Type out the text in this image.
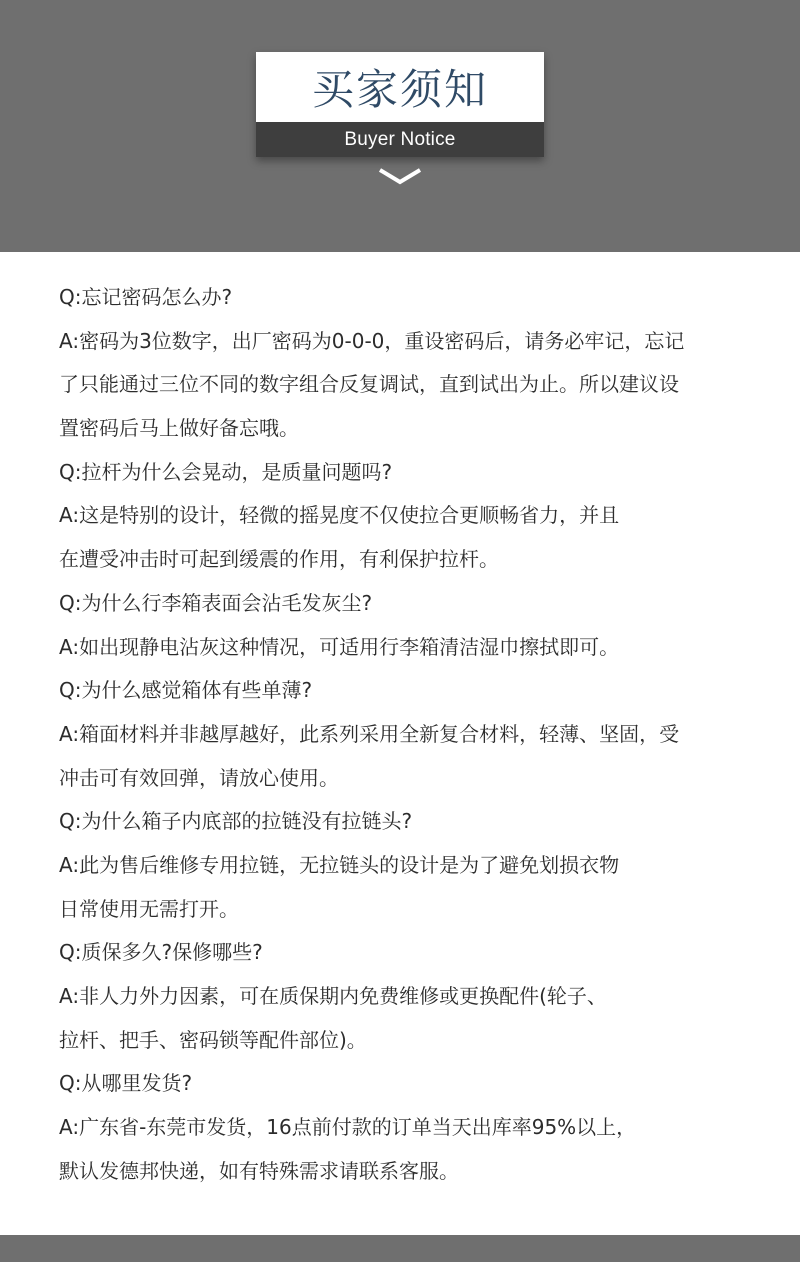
买家须知
Buyer Notice
Q:忘记密码怎么办?
A:密码为3位数字，出厂密码为0-0-0，重设密码后，请务必牢记，忘记
了只能通过三位不同的数字组合反复调试，直到试出为止。所以建议设
置密码后马上做好备忘哦。
Q:拉杆为什么会晃动，是质量问题吗?
A:这是特别的设计，轻微的摇晃度不仅使拉合更顺畅省力，并且
在遭受冲击时可起到缓震的作用，有利保护拉杆。
Q:为什么行李箱表面会沾毛发灰尘?
A:如出现静电沾灰这种情况，可适用行李箱清洁湿巾擦拭即可。
Q:为什么感觉箱体有些单薄?
A:箱面材料并非越厚越好，此系列采用全新复合材料，轻薄、坚固，受
冲击可有效回弹，请放心使用。
Q:为什么箱子内底部的拉链没有拉链头?
A:此为售后维修专用拉链，无拉链头的设计是为了避免划损衣物
日常使用无需打开。
Q:质保多久?保修哪些?
A:非人力外力因素，可在质保期内免费维修或更换配件(轮子、
拉杆、把手、密码锁等配件部位)。
Q:从哪里发货?
A:广东省-东莞市发货，16点前付款的订单当天出库率95%以上，
默认发德邦快递，如有特殊需求请联系客服。
